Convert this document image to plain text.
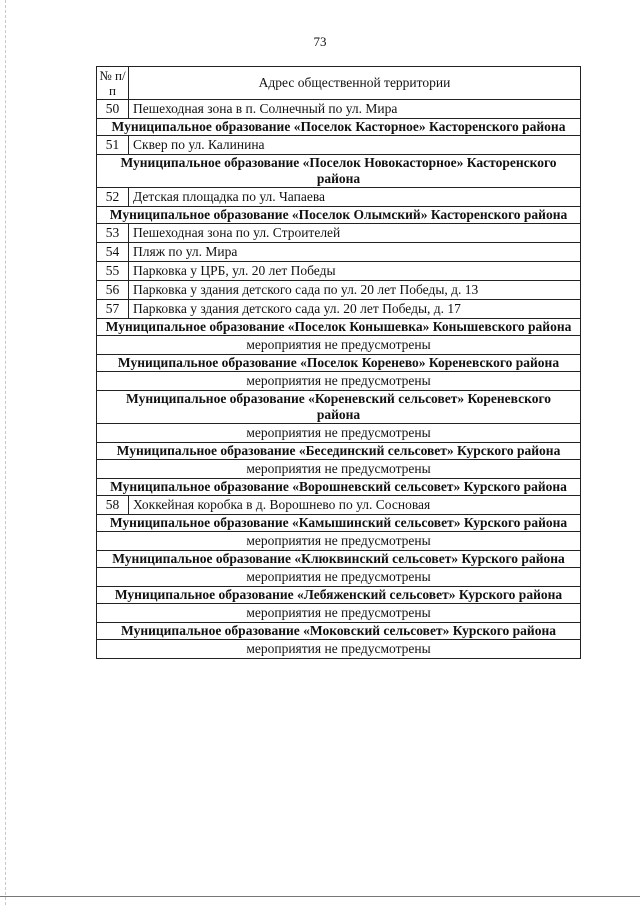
73
№ п/п	Адрес общественной территории
50	Пешеходная зона в п. Солнечный по ул. Мира
Муниципальное образование «Поселок Касторное» Касторенского района	
51	Сквер по ул. Калинина
Муниципальное образование «Поселок Новокасторное» Касторенского района	
52	Детская площадка по ул. Чапаева
Муниципальное образование «Поселок Олымский» Касторенского района	
53	Пешеходная зона по ул. Строителей
54	Пляж по ул. Мира
55	Парковка у ЦРБ, ул. 20 лет Победы
56	Парковка у здания детского сада по ул. 20 лет Победы, д. 13
57	Парковка у здания детского сада ул. 20 лет Победы, д. 17
Муниципальное образование «Поселок Конышевка» Конышевского района	
мероприятия не предусмотрены	
Муниципальное образование «Поселок Коренево» Кореневского района	
мероприятия не предусмотрены	
Муниципальное образование «Кореневский сельсовет» Кореневского района	
мероприятия не предусмотрены	
Муниципальное образование «Бесединский сельсовет» Курского района	
мероприятия не предусмотрены	
Муниципальное образование «Ворошневский сельсовет» Курского района	
58	Хоккейная коробка в д. Ворошнево по ул. Сосновая
Муниципальное образование «Камышинский сельсовет» Курского района	
мероприятия не предусмотрены	
Муниципальное образование «Клюквинский сельсовет» Курского района	
мероприятия не предусмотрены	
Муниципальное образование «Лебяженский сельсовет» Курского района	
мероприятия не предусмотрены	
Муниципальное образование «Моковский сельсовет» Курского района	
мероприятия не предусмотрены	
